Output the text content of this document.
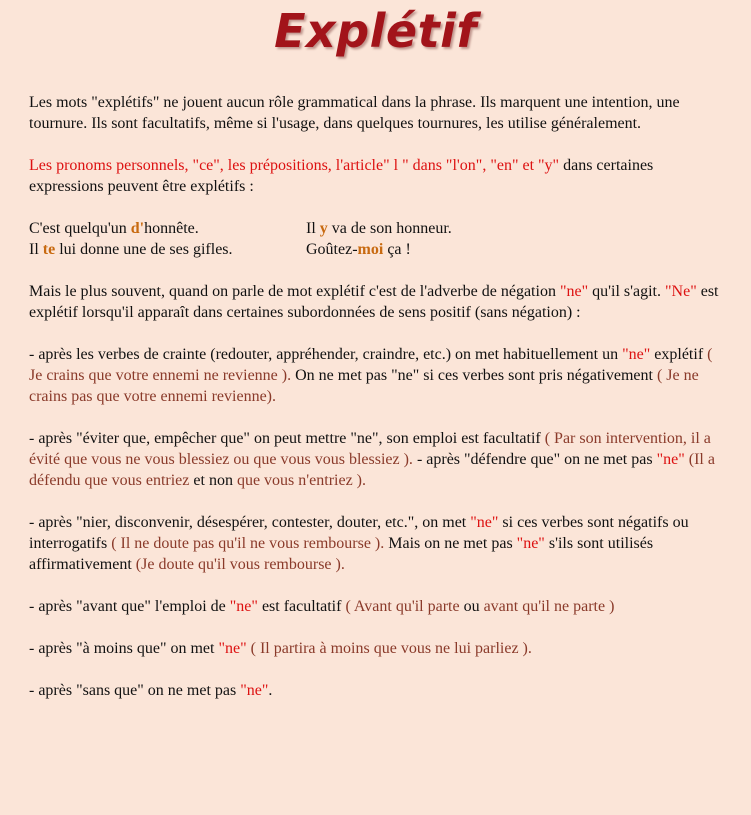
Explétif

Les mots "explétifs" ne jouent aucun rôle grammatical dans la phrase. Ils marquent une intention, une tournure. Ils sont facultatifs, même si l'usage, dans quelques tournures, les utilise généralement.

Les pronoms personnels, "ce", les prépositions, l'article" l " dans "l'on", "en" et "y" dans certaines expressions peuvent être explétifs :

C'est quelqu'un d'honnête.	Il y va de son honneur.
Il te lui donne une de ses gifles.	Goûtez-moi ça !

Mais le plus souvent, quand on parle de mot explétif c'est de l'adverbe de négation "ne" qu'il s'agit. "Ne" est explétif lorsqu'il apparaît dans certaines subordonnées de sens positif (sans négation) :

- après les verbes de crainte (redouter, appréhender, craindre, etc.) on met habituellement un "ne" explétif ( Je crains que votre ennemi ne revienne ). On ne met pas "ne" si ces verbes sont pris négativement ( Je ne crains pas que votre ennemi revienne).

- après "éviter que, empêcher que" on peut mettre "ne", son emploi est facultatif ( Par son intervention, il a évité que vous ne vous blessiez ou que vous vous blessiez ). - après "défendre que" on ne met pas "ne" (Il a défendu que vous entriez et non que vous n'entriez ).

- après "nier, disconvenir, désespérer, contester, douter, etc.", on met "ne" si ces verbes sont négatifs ou interrogatifs ( Il ne doute pas qu'il ne vous rembourse ). Mais on ne met pas "ne" s'ils sont utilisés affirmativement (Je doute qu'il vous rembourse ).

- après "avant que" l'emploi de "ne" est facultatif ( Avant qu'il parte ou avant qu'il ne parte )

- après "à moins que" on met "ne" ( Il partira à moins que vous ne lui parliez ).

- après "sans que" on ne met pas "ne".
